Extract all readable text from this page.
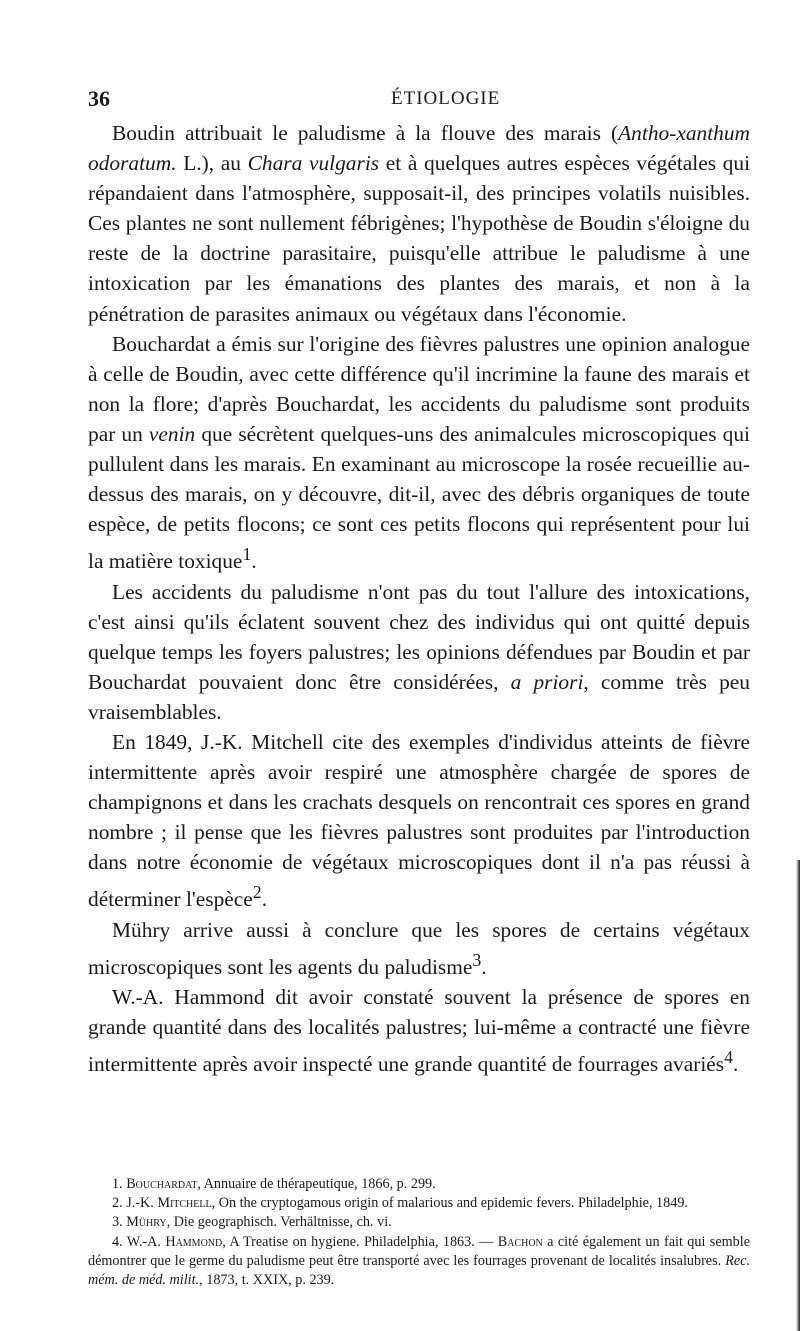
36	ÉTIOLOGIE

Boudin attribuait le paludisme à la flouve des marais (Antho-xanthum odoratum. L.), au Chara vulgaris et à quelques autres espèces végétales qui répandaient dans l'atmosphère, supposait-il, des principes volatils nuisibles. Ces plantes ne sont nullement fébrigènes; l'hypothèse de Boudin s'éloigne du reste de la doctrine parasitaire, puisqu'elle attribue le paludisme à une intoxication par les émanations des plantes des marais, et non à la pénétration de parasites animaux ou végétaux dans l'économie.

Bouchardat a émis sur l'origine des fièvres palustres une opinion analogue à celle de Boudin, avec cette différence qu'il incrimine la faune des marais et non la flore; d'après Bouchardat, les accidents du paludisme sont produits par un venin que sécrètent quelques-uns des animalcules microscopiques qui pullulent dans les marais. En examinant au microscope la rosée recueillie au-dessus des marais, on y découvre, dit-il, avec des débris organiques de toute espèce, de petits flocons; ce sont ces petits flocons qui représentent pour lui la matière toxique$^1$.

Les accidents du paludisme n'ont pas du tout l'allure des intoxications, c'est ainsi qu'ils éclatent souvent chez des individus qui ont quitté depuis quelque temps les foyers palustres; les opinions défendues par Boudin et par Bouchardat pouvaient donc être considérées, a priori, comme très peu vraisemblables.

En 1849, J.-K. Mitchell cite des exemples d'individus atteints de fièvre intermittente après avoir respiré une atmosphère chargée de spores de champignons et dans les crachats desquels on rencontrait ces spores en grand nombre ; il pense que les fièvres palustres sont produites par l'introduction dans notre économie de végétaux microscopiques dont il n'a pas réussi à déterminer l'espèce$^2$.

Mühry arrive aussi à conclure que les spores de certains végétaux microscopiques sont les agents du paludisme$^3$.

W.-A. Hammond dit avoir constaté souvent la présence de spores en grande quantité dans des localités palustres; lui-même a contracté une fièvre intermittente après avoir inspecté une grande quantité de fourrages avariés$^4$.

1. Bouchardat, Annuaire de thérapeutique, 1866, p. 299.

2. J.-K. Mitchell, On the cryptogamous origin of malarious and epidemic fevers. Philadelphie, 1849.

3. Mühry, Die geographisch. Verhältnisse, ch. vi.

4. W.-A. Hammond, A Treatise on hygiene. Philadelphia, 1863. — Bachon a cité également un fait qui semble démontrer que le germe du paludisme peut être transporté avec les fourrages provenant de localités insalubres. Rec. mém. de méd. milit., 1873, t. XXIX, p. 239.
